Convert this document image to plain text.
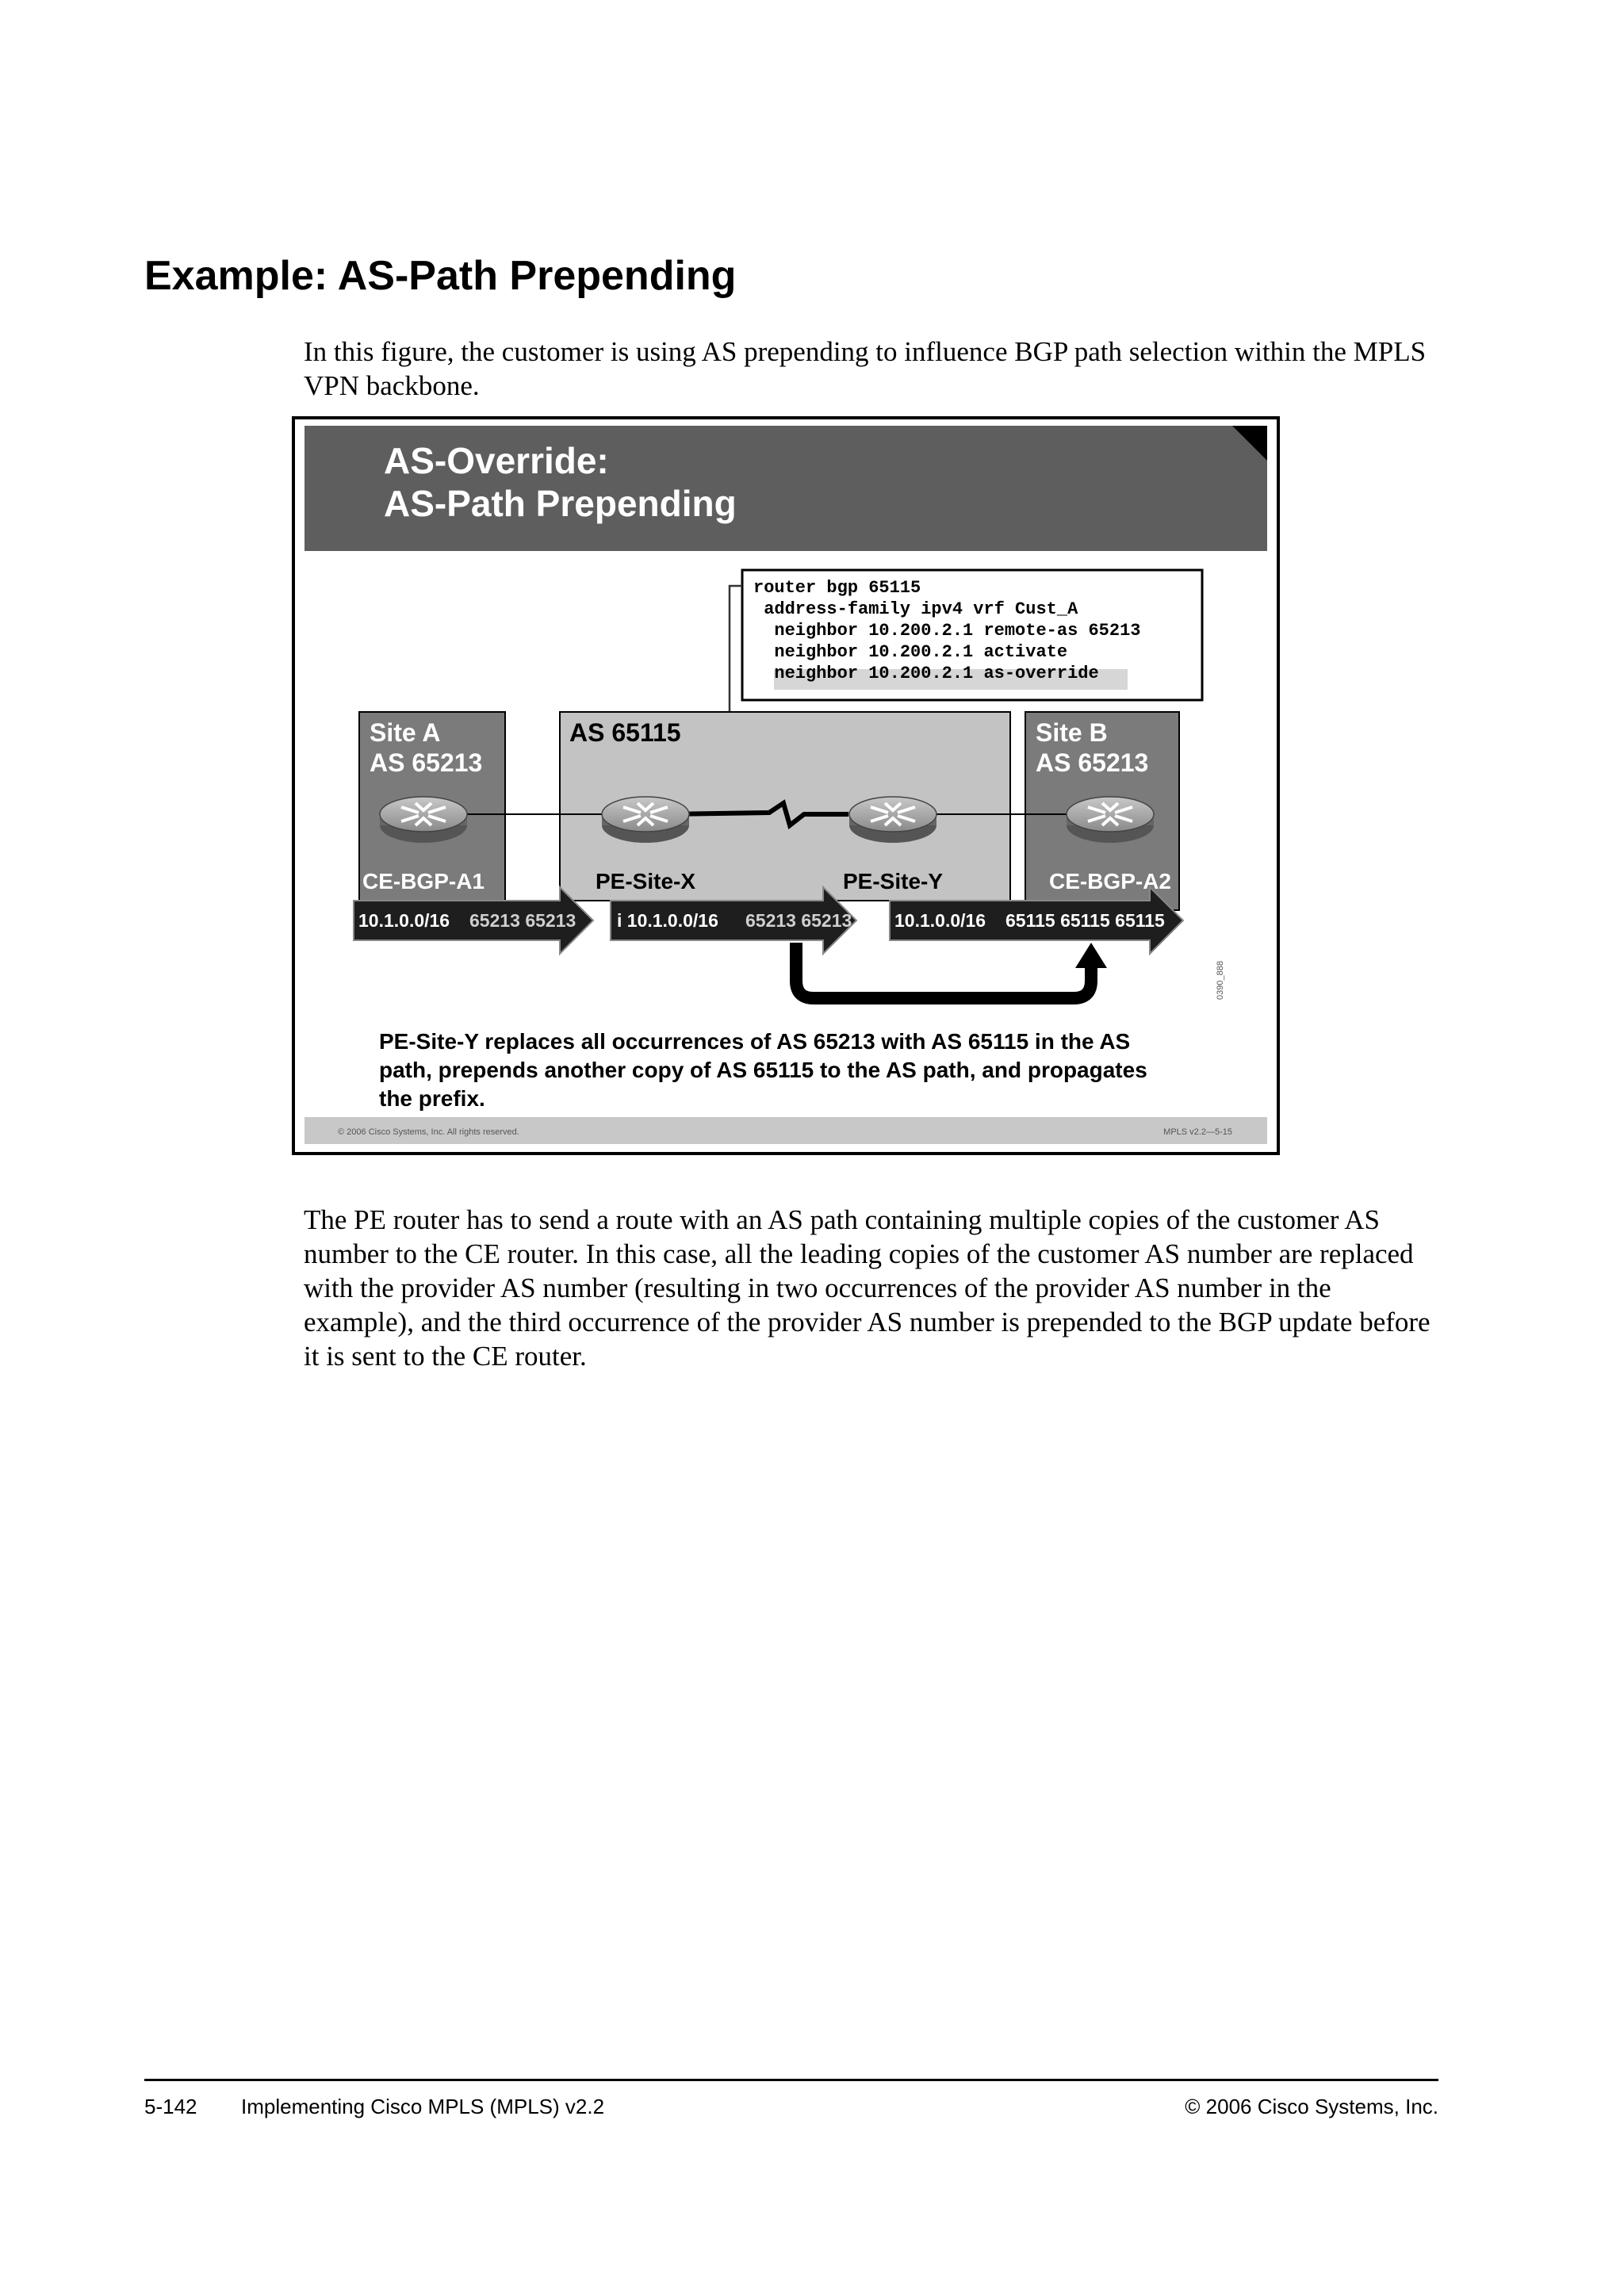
Example: AS-Path Prepending

In this figure, the customer is using AS prepending to influence BGP path selection within the MPLS VPN backbone.

AS-Override:
AS-Path Prepending
router bgp 65115
address-family ipv4 vrf Cust_A
neighbor 10.200.2.1 remote-as 65213
neighbor 10.200.2.1 activate
neighbor 10.200.2.1 as-override
Site A
AS 65213
AS 65115	Site B
AS 65213
CE-BGP-A1	PE-Site-X	PE-Site-Y	CE-BGP-A2
10.1.0.0/16 65213 65213 i 10.1.0.0/16 65213 65213 10.1.0.0/16 65115 65115 65115
0390_888
PE-Site-Y replaces all occurrences of AS 65213 with AS 65115 in the AS
path, prepends another copy of AS 65115 to the AS path, and propagates
the prefix.
© 2006 Cisco Systems, Inc. All rights reserved.	MPLS v2.2—5-15

The PE router has to send a route with an AS path containing multiple copies of the customer AS number to the CE router. In this case, all the leading copies of the customer AS number are replaced with the provider AS number (resulting in two occurrences of the provider AS number in the example), and the third occurrence of the provider AS number is prepended to the BGP update before it is sent to the CE router.

5-142 Implementing Cisco MPLS (MPLS) v2.2	© 2006 Cisco Systems, Inc.
